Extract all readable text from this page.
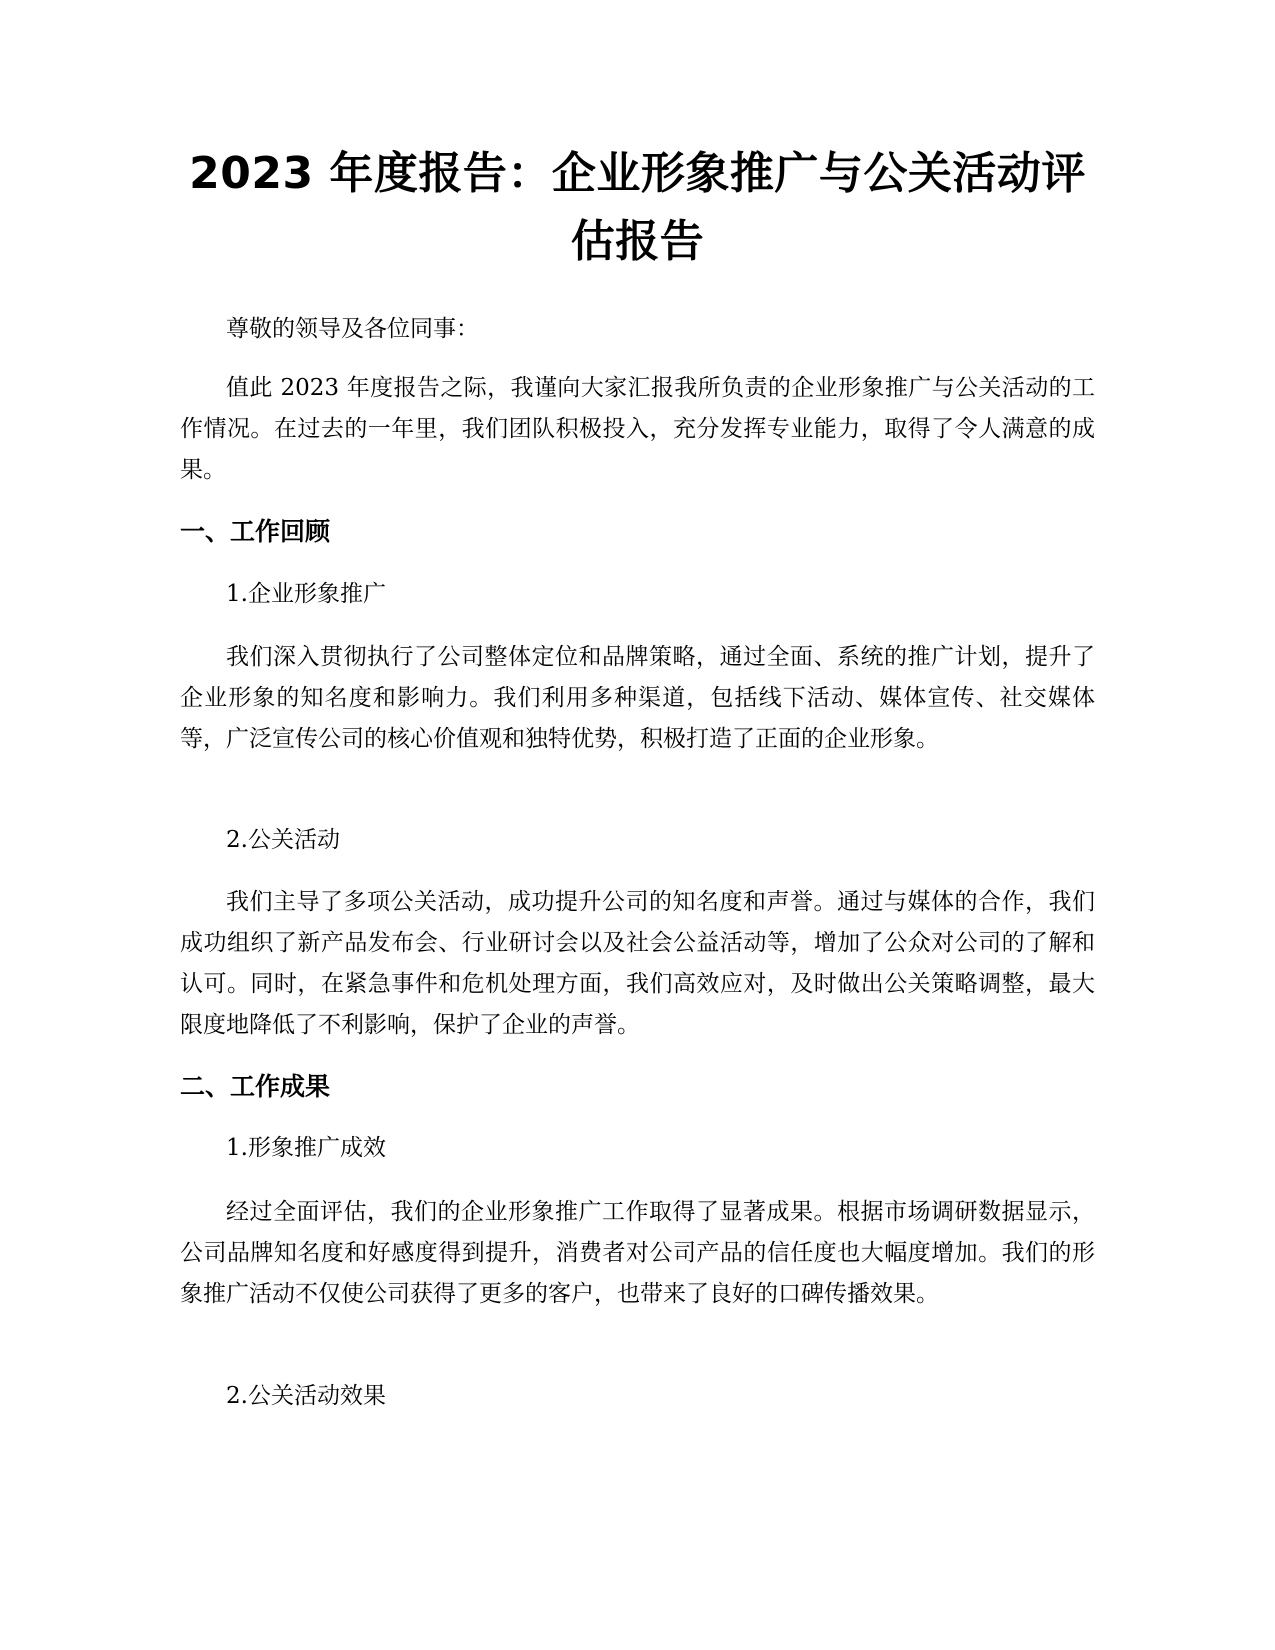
2023 年度报告：企业形象推广与公关活动评估报告
尊敬的领导及各位同事：
值此 2023 年度报告之际，我谨向大家汇报我所负责的企业形象推广与公关活动的工作情况。在过去的一年里，我们团队积极投入，充分发挥专业能力，取得了令人满意的成果。
一、工作回顾
1.企业形象推广
我们深入贯彻执行了公司整体定位和品牌策略，通过全面、系统的推广计划，提升了企业形象的知名度和影响力。我们利用多种渠道，包括线下活动、媒体宣传、社交媒体等，广泛宣传公司的核心价值观和独特优势，积极打造了正面的企业形象。
2.公关活动
我们主导了多项公关活动，成功提升公司的知名度和声誉。通过与媒体的合作，我们成功组织了新产品发布会、行业研讨会以及社会公益活动等，增加了公众对公司的了解和认可。同时，在紧急事件和危机处理方面，我们高效应对，及时做出公关策略调整，最大限度地降低了不利影响，保护了企业的声誉。
二、工作成果
1.形象推广成效
经过全面评估，我们的企业形象推广工作取得了显著成果。根据市场调研数据显示，公司品牌知名度和好感度得到提升，消费者对公司产品的信任度也大幅度增加。我们的形象推广活动不仅使公司获得了更多的客户，也带来了良好的口碑传播效果。
2.公关活动效果
